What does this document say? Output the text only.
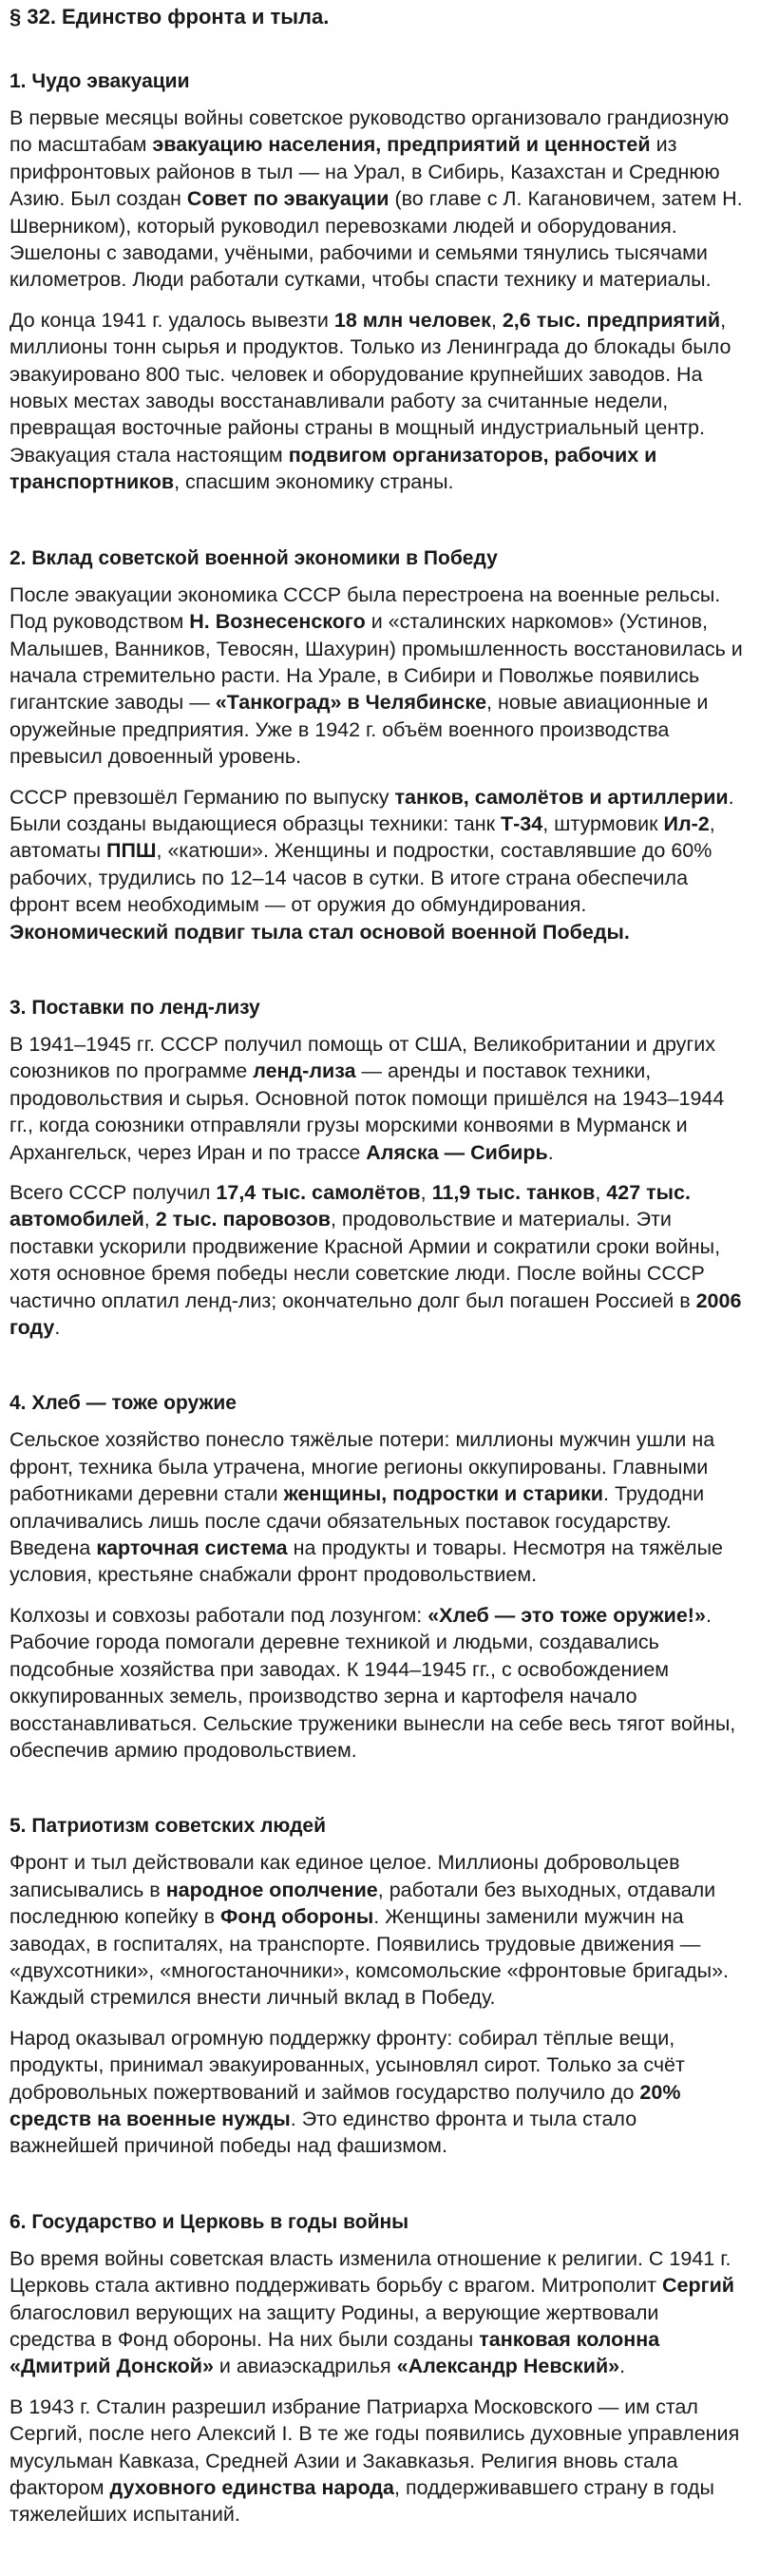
§ 32. Единство фронта и тыла.
1. Чудо эвакуации

В первые месяцы войны советское руководство организовало грандиозную по масштабам эвакуацию населения, предприятий и ценностей из прифронтовых районов в тыл — на Урал, в Сибирь, Казахстан и Среднюю Азию. Был создан Совет по эвакуации (во главе с Л. Кагановичем, затем Н. Шверником), который руководил перевозками людей и оборудования. Эшелоны с заводами, учёными, рабочими и семьями тянулись тысячами километров. Люди работали сутками, чтобы спасти технику и материалы.

До конца 1941 г. удалось вывезти 18 млн человек, 2,6 тыс. предприятий, миллионы тонн сырья и продуктов. Только из Ленинграда до блокады было эвакуировано 800 тыс. человек и оборудование крупнейших заводов. На новых местах заводы восстанавливали работу за считанные недели, превращая восточные районы страны в мощный индустриальный центр. Эвакуация стала настоящим подвигом организаторов, рабочих и транспортников, спасшим экономику страны.

2. Вклад советской военной экономики в Победу

После эвакуации экономика СССР была перестроена на военные рельсы. Под руководством Н. Вознесенского и «сталинских наркомов» (Устинов, Малышев, Ванников, Тевосян, Шахурин) промышленность восстановилась и начала стремительно расти. На Урале, в Сибири и Поволжье появились гигантские заводы — «Танкоград» в Челябинске, новые авиационные и оружейные предприятия. Уже в 1942 г. объём военного производства превысил довоенный уровень.

СССР превзошёл Германию по выпуску танков, самолётов и артиллерии. Были созданы выдающиеся образцы техники: танк Т-34, штурмовик Ил-2, автоматы ППШ, «катюши». Женщины и подростки, составлявшие до 60% рабочих, трудились по 12–14 часов в сутки. В итоге страна обеспечила фронт всем необходимым — от оружия до обмундирования. Экономический подвиг тыла стал основой военной Победы.

3. Поставки по ленд-лизу

В 1941–1945 гг. СССР получил помощь от США, Великобритании и других союзников по программе ленд-лиза — аренды и поставок техники, продовольствия и сырья. Основной поток помощи пришёлся на 1943–1944 гг., когда союзники отправляли грузы морскими конвоями в Мурманск и Архангельск, через Иран и по трассе Аляска — Сибирь.

Всего СССР получил 17,4 тыс. самолётов, 11,9 тыс. танков, 427 тыс. автомобилей, 2 тыс. паровозов, продовольствие и материалы. Эти поставки ускорили продвижение Красной Армии и сократили сроки войны, хотя основное бремя победы несли советские люди. После войны СССР частично оплатил ленд-лиз; окончательно долг был погашен Россией в 2006 году.

4. Хлеб — тоже оружие

Сельское хозяйство понесло тяжёлые потери: миллионы мужчин ушли на фронт, техника была утрачена, многие регионы оккупированы. Главными работниками деревни стали женщины, подростки и старики. Трудодни оплачивались лишь после сдачи обязательных поставок государству. Введена карточная система на продукты и товары. Несмотря на тяжёлые условия, крестьяне снабжали фронт продовольствием.

Колхозы и совхозы работали под лозунгом: «Хлеб — это тоже оружие!». Рабочие города помогали деревне техникой и людьми, создавались подсобные хозяйства при заводах. К 1944–1945 гг., с освобождением оккупированных земель, производство зерна и картофеля начало восстанавливаться. Сельские труженики вынесли на себе весь тягот войны, обеспечив армию продовольствием.

5. Патриотизм советских людей

Фронт и тыл действовали как единое целое. Миллионы добровольцев записывались в народное ополчение, работали без выходных, отдавали последнюю копейку в Фонд обороны. Женщины заменили мужчин на заводах, в госпиталях, на транспорте. Появились трудовые движения — «двухсотники», «многостаночники», комсомольские «фронтовые бригады». Каждый стремился внести личный вклад в Победу.

Народ оказывал огромную поддержку фронту: собирал тёплые вещи, продукты, принимал эвакуированных, усыновлял сирот. Только за счёт добровольных пожертвований и займов государство получило до 20% средств на военные нужды. Это единство фронта и тыла стало важнейшей причиной победы над фашизмом.

6. Государство и Церковь в годы войны

Во время войны советская власть изменила отношение к религии. С 1941 г. Церковь стала активно поддерживать борьбу с врагом. Митрополит Сергий благословил верующих на защиту Родины, а верующие жертвовали средства в Фонд обороны. На них были созданы танковая колонна «Дмитрий Донской» и авиаэскадрилья «Александр Невский».

В 1943 г. Сталин разрешил избрание Патриарха Московского — им стал Сергий, после него Алексий I. В те же годы появились духовные управления мусульман Кавказа, Средней Азии и Закавказья. Религия вновь стала фактором духовного единства народа, поддерживавшего страну в годы тяжелейших испытаний.
